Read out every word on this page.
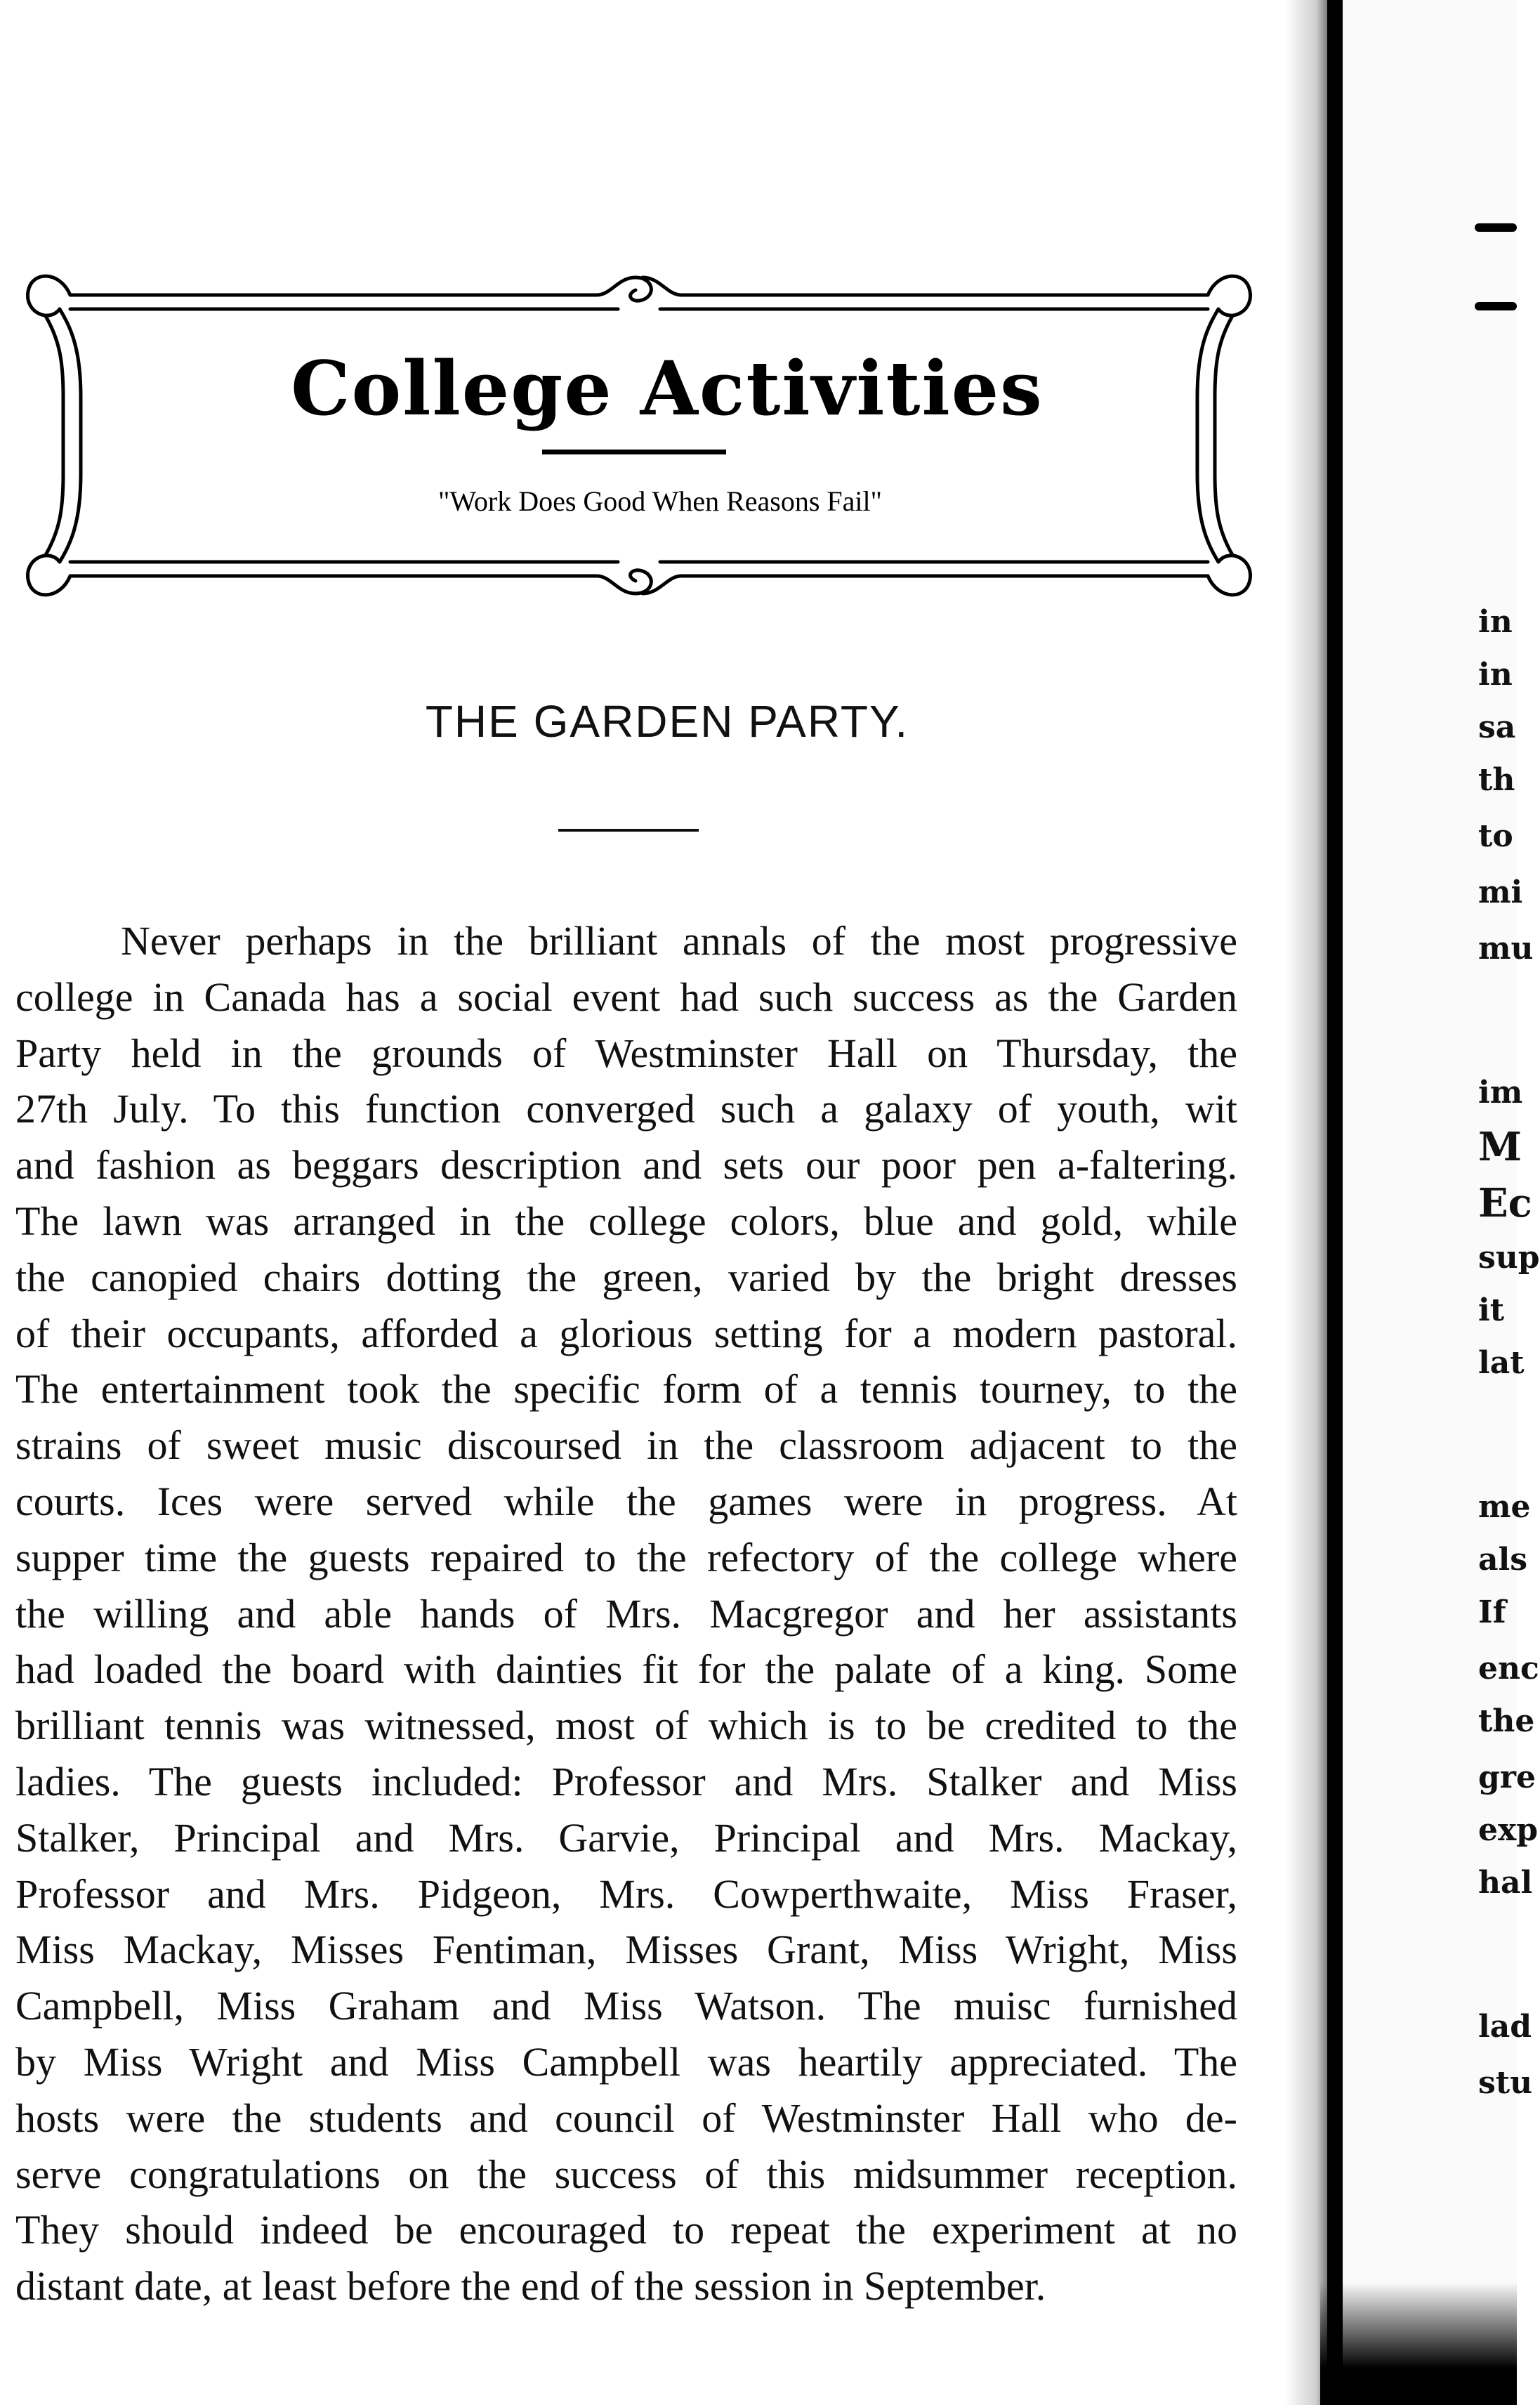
College Activities
"Work Does Good When Reasons Fail"
THE GARDEN PARTY.
Never perhaps in the brilliant annals of the most progressive
college in Canada has a social event had such success as the Garden
Party held in the grounds of Westminster Hall on Thursday, the
27th July. To this function converged such a galaxy of youth, wit
and fashion as beggars description and sets our poor pen a-faltering.
The lawn was arranged in the college colors, blue and gold, while
the canopied chairs dotting the green, varied by the bright dresses
of their occupants, afforded a glorious setting for a modern pastoral.
The entertainment took the specific form of a tennis tourney, to the
strains of sweet music discoursed in the classroom adjacent to the
courts. Ices were served while the games were in progress. At
supper time the guests repaired to the refectory of the college where
the willing and able hands of Mrs. Macgregor and her assistants
had loaded the board with dainties fit for the palate of a king. Some
brilliant tennis was witnessed, most of which is to be credited to the
ladies. The guests included: Professor and Mrs. Stalker and Miss
Stalker, Principal and Mrs. Garvie, Principal and Mrs. Mackay,
Professor and Mrs. Pidgeon, Mrs. Cowperthwaite, Miss Fraser,
Miss Mackay, Misses Fentiman, Misses Grant, Miss Wright, Miss
Campbell, Miss Graham and Miss Watson. The muisc furnished
by Miss Wright and Miss Campbell was heartily appreciated. The
hosts were the students and council of Westminster Hall who de-
serve congratulations on the success of this midsummer reception.
They should indeed be encouraged to repeat the experiment at no
distant date, at least before the end of the session in September.
in
in
sa
th
to
mi
mu
im
M
Ec
sup
it
lat
me
als
If
enc
the
gre
exp
hal
lad
stu
